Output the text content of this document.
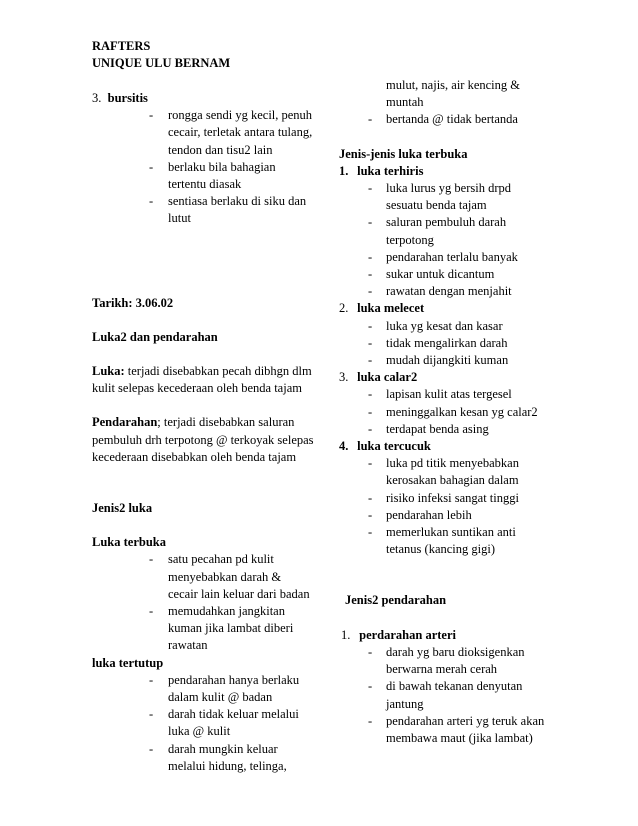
RAFTERS
UNIQUE ULU BERNAM

3. bursitis

- rongga sendi yg kecil, penuh cecair, terletak antara tulang, tendon dan tisu2 lain
- berlaku bila bahagian tertentu diasak
- sentiasa berlaku di siku dan lutut

Tarikh: 3.06.02

Luka2 dan pendarahan

Luka: terjadi disebabkan pecah dibhgn dlm kulit selepas kecederaan oleh benda tajam

Pendarahan; terjadi disebabkan saluran pembuluh drh terpotong @ terkoyak selepas kecederaan disebabkan oleh benda tajam

Jenis2 luka

Luka terbuka

- satu pecahan pd kulit menyebabkan darah & cecair lain keluar dari badan
- memudahkan jangkitan kuman jika lambat diberi rawatan

luka tertutup

- pendarahan hanya berlaku dalam kulit @ badan
- darah tidak keluar melalui luka @ kulit
- darah mungkin keluar melalui hidung, telinga,

mulut, najis, air kencing & muntah

- bertanda @ tidak bertanda

Jenis-jenis luka terbuka

1. luka terhiris

- luka lurus yg bersih drpd sesuatu benda tajam
- saluran pembuluh darah terpotong
- pendarahan terlalu banyak
- sukar untuk dicantum
- rawatan dengan menjahit

2. luka melecet

- luka yg kesat dan kasar
- tidak mengalirkan darah
- mudah dijangkiti kuman

3. luka calar2

- lapisan kulit atas tergesel
- meninggalkan kesan yg calar2
- terdapat benda asing

4. luka tercucuk

- luka pd titik menyebabkan kerosakan bahagian dalam
- risiko infeksi sangat tinggi
- pendarahan lebih
- memerlukan suntikan anti tetanus (kancing gigi)

Jenis2 pendarahan

1. perdarahan arteri

- darah yg baru dioksigenkan berwarna merah cerah
- di bawah tekanan denyutan jantung
- pendarahan arteri yg teruk akan membawa maut (jika lambat)
